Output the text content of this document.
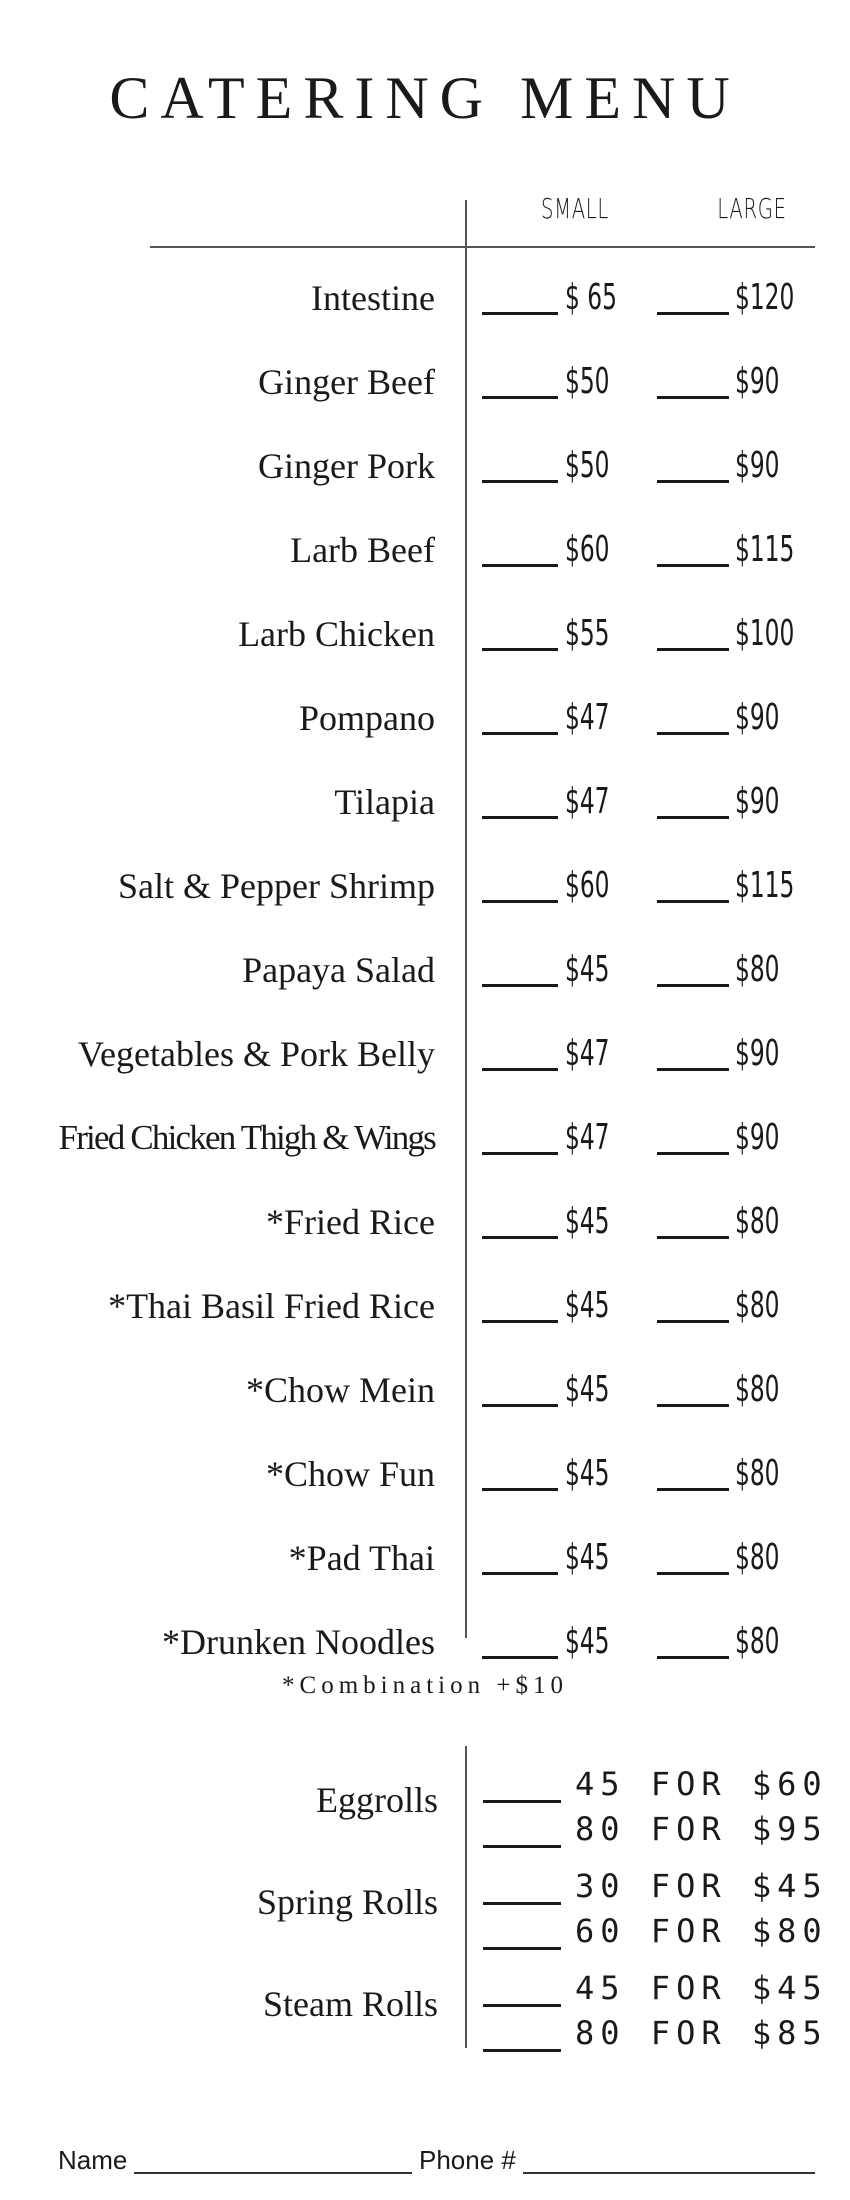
CATERING MENU
SMALL	LARGE
Intestine	$ 65	$120
Ginger Beef	$50	$90
Ginger Pork	$50	$90
Larb Beef	$60	$115
Larb Chicken	$55	$100
Pompano	$47	$90
Tilapia	$47	$90
Salt & Pepper Shrimp	$60	$115
Papaya Salad	$45	$80
Vegetables & Pork Belly	$47	$90
Fried Chicken Thigh & Wings	$47	$90
*Fried Rice	$45	$80
*Thai Basil Fried Rice	$45	$80
*Chow Mein	$45	$80
*Chow Fun	$45	$80
*Pad Thai	$45	$80
*Drunken Noodles	$45	$80
*Combination +$10
Eggrolls	45 FOR $60
80 FOR $95
Spring Rolls	30 FOR $45
60 FOR $80
Steam Rolls	45 FOR $45
80 FOR $85
Name	Phone #
